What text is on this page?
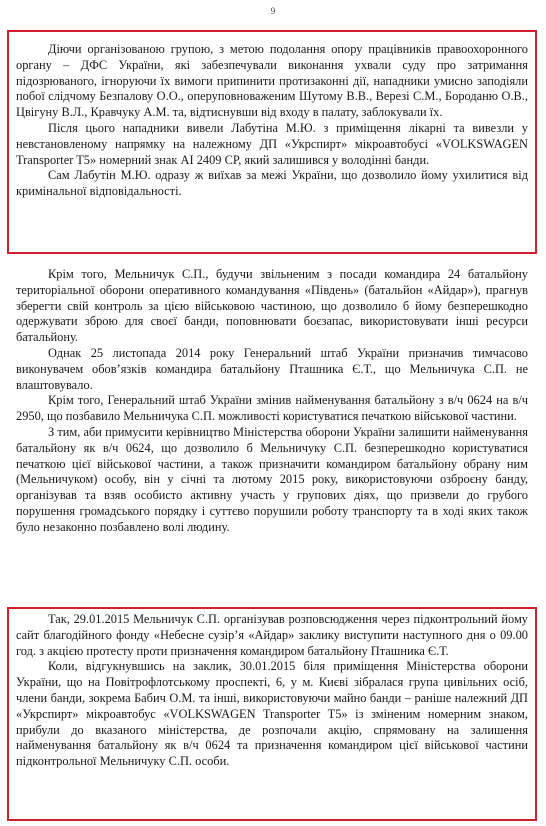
9

Діючи організованою групою, з метою подолання опору працівників правоохоронного органу – ДФС України, які забезпечували виконання ухвали суду про затримання підозрюваного, ігноруючи їх вимоги припинити протизаконні дії, нападники умисно заподіяли побої слідчому Безпалову О.О., оперуповноваженим Шутому В.В., Верезі С.М., Бороданю О.В., Цвігуну В.Л., Кравчуку А.М. та, відтиснувши від входу в палату, заблокували їх.

Після цього нападники вивели Лабутіна М.Ю. з приміщення лікарні та вивезли у невстановленому напрямку на належному ДП «Укрспирт» мікроавтобусі «VOLKSWAGEN Transporter T5» номерний знак АІ 2409 СР, який залишився у володінні банди.

Сам Лабутін М.Ю. одразу ж виїхав за межі України, що дозволило йому ухилитися від кримінальної відповідальності.

Крім того, Мельничук С.П., будучи звільненим з посади командира 24 батальйону територіальної оборони оперативного командування «Південь» (батальйон «Айдар»), прагнув зберегти свій контроль за цією військовою частиною, що дозволило б йому безперешкодно одержувати зброю для своєї банди, поповнювати боєзапас, використовувати інші ресурси батальйону.

Однак 25 листопада 2014 року Генеральний штаб України призначив тимчасово виконувачем обов’язків командира батальйону Пташника Є.Т., що Мельничука С.П. не влаштовувало.

Крім того, Генеральний штаб України змінив найменування батальйону з в/ч 0624 на в/ч 2950, що позбавило Мельничука С.П. можливості користуватися печаткою військової частини.

З тим, аби примусити керівництво Міністерства оборони України залишити найменування батальйону як в/ч 0624, що дозволило б Мельничуку С.П. безперешкодно користуватися печаткою цієї військової частини, а також призначити командиром батальйону обрану ним (Мельничуком) особу, він у січні та лютому 2015 року, використовуючи озброєну банду, організував та взяв особисто активну участь у групових діях, що призвели до грубого порушення громадського порядку і суттєво порушили роботу транспорту та в ході яких також було незаконно позбавлено волі людину.

Так, 29.01.2015 Мельничук С.П. організував розповсюдження через підконтрольний йому сайт благодійного фонду «Небесне сузір’я «Айдар» заклику виступити наступного дня о 09.00 год. з акцією протесту проти призначення командиром батальйону Пташника Є.Т.

Коли, відгукнувшись на заклик, 30.01.2015 біля приміщення Міністерства оборони України, що на Повітрофлотському проспекті, 6, у м. Києві зібралася група цивільних осіб, члени банди, зокрема Бабич О.М. та інші, використовуючи майно банди – раніше належний ДП «Укрспирт» мікроавтобус «VOLKSWAGEN Transporter T5» із зміненим номерним знаком, прибули до вказаного міністерства, де розпочали акцію, спрямовану на залишення найменування батальйону як в/ч 0624 та призначення командиром цієї військової частини підконтрольної Мельничуку С.П. особи.
